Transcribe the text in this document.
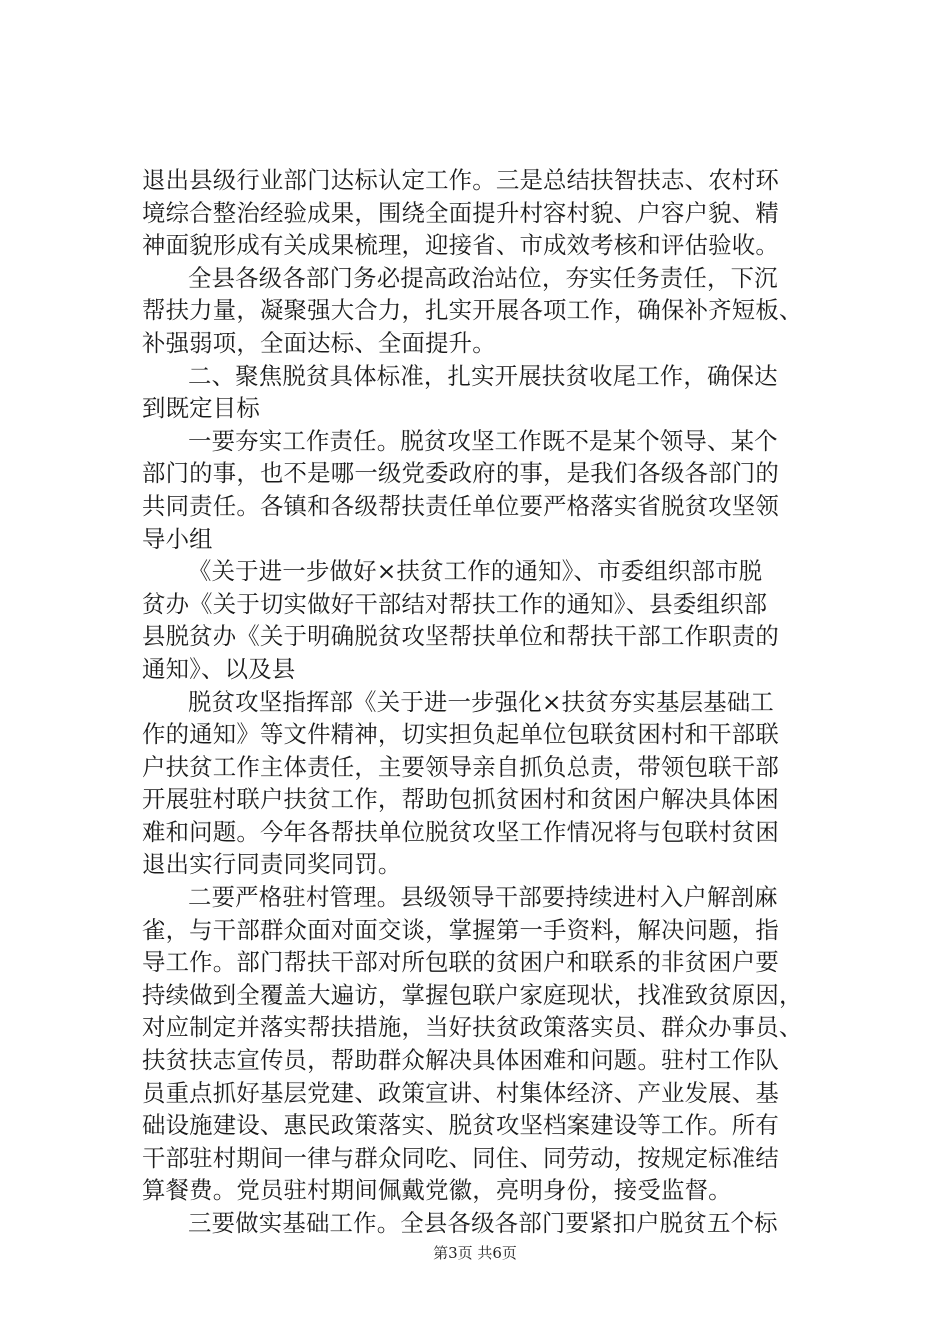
退出县级行业部门达标认定工作。三是总结扶智扶志、农村环
境综合整治经验成果，围绕全面提升村容村貌、户容户貌、精
神面貌形成有关成果梳理，迎接省、市成效考核和评估验收。
全县各级各部门务必提高政治站位，夯实任务责任，下沉
帮扶力量，凝聚强大合力，扎实开展各项工作，确保补齐短板、
补强弱项，全面达标、全面提升。
二、聚焦脱贫具体标准，扎实开展扶贫收尾工作，确保达
到既定目标
一要夯实工作责任。脱贫攻坚工作既不是某个领导、某个
部门的事，也不是哪一级党委政府的事，是我们各级各部门的
共同责任。各镇和各级帮扶责任单位要严格落实省脱贫攻坚领
导小组
《关于进一步做好×扶贫工作的通知》、市委组织部市脱
贫办《关于切实做好干部结对帮扶工作的通知》、县委组织部
县脱贫办《关于明确脱贫攻坚帮扶单位和帮扶干部工作职责的
通知》、以及县
脱贫攻坚指挥部《关于进一步强化×扶贫夯实基层基础工
作的通知》等文件精神，切实担负起单位包联贫困村和干部联
户扶贫工作主体责任，主要领导亲自抓负总责，带领包联干部
开展驻村联户扶贫工作，帮助包抓贫困村和贫困户解决具体困
难和问题。今年各帮扶单位脱贫攻坚工作情况将与包联村贫困
退出实行同责同奖同罚。
二要严格驻村管理。县级领导干部要持续进村入户解剖麻
雀，与干部群众面对面交谈，掌握第一手资料，解决问题，指
导工作。部门帮扶干部对所包联的贫困户和联系的非贫困户要
持续做到全覆盖大遍访，掌握包联户家庭现状，找准致贫原因，
对应制定并落实帮扶措施，当好扶贫政策落实员、群众办事员、
扶贫扶志宣传员，帮助群众解决具体困难和问题。驻村工作队
员重点抓好基层党建、政策宣讲、村集体经济、产业发展、基
础设施建设、惠民政策落实、脱贫攻坚档案建设等工作。所有
干部驻村期间一律与群众同吃、同住、同劳动，按规定标准结
算餐费。党员驻村期间佩戴党徽，亮明身份，接受监督。
三要做实基础工作。全县各级各部门要紧扣户脱贫五个标
第3页 共6页
